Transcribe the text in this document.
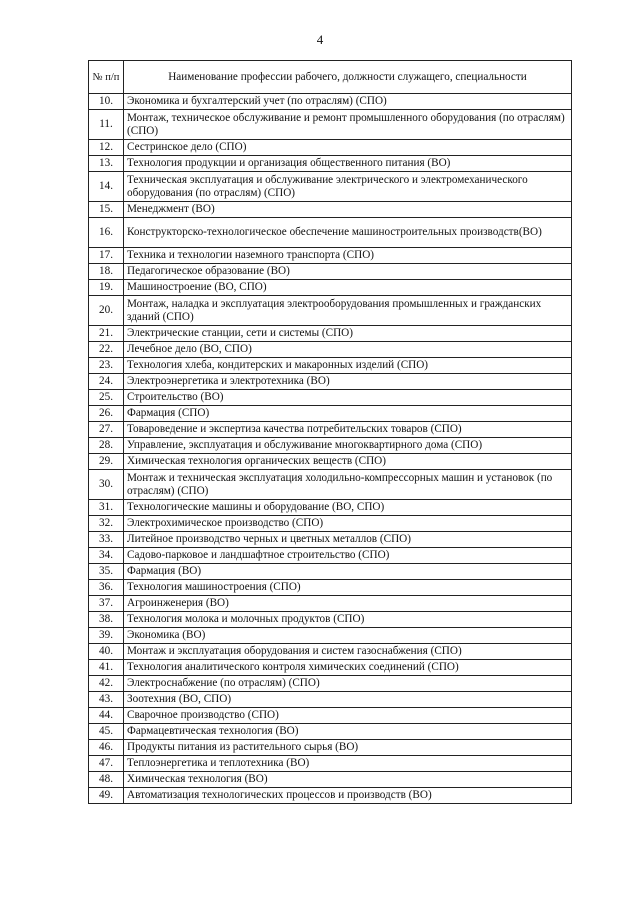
4
№ п/п	Наименование профессии рабочего, должности служащего, специальности
10.	Экономика и бухгалтерский учет (по отраслям) (СПО)
11.	Монтаж, техническое обслуживание и ремонт промышленного оборудования (по отраслям) (СПО)
12.	Сестринское дело (СПО)
13.	Технология продукции и организация общественного питания (ВО)
14.	Техническая эксплуатация и обслуживание электрического и электромеханического оборудования (по отраслям) (СПО)
15.	Менеджмент (ВО)
16.	Конструкторско-технологическое обеспечение машиностроительных производств(ВО)
17.	Техника и технологии наземного транспорта (СПО)
18.	Педагогическое образование (ВО)
19.	Машиностроение (ВО, СПО)
20.	Монтаж, наладка и эксплуатация электрооборудования промышленных и гражданских зданий (СПО)
21.	Электрические станции, сети и системы (СПО)
22.	Лечебное дело (ВО, СПО)
23.	Технология хлеба, кондитерских и макаронных изделий (СПО)
24.	Электроэнергетика и электротехника (ВО)
25.	Строительство (ВО)
26.	Фармация (СПО)
27.	Товароведение и экспертиза качества потребительских товаров (СПО)
28.	Управление, эксплуатация и обслуживание многоквартирного дома (СПО)
29.	Химическая технология органических веществ (СПО)
30.	Монтаж и техническая эксплуатация холодильно-компрессорных машин и установок (по отраслям) (СПО)
31.	Технологические машины и оборудование (ВО, СПО)
32.	Электрохимическое производство (СПО)
33.	Литейное производство черных и цветных металлов (СПО)
34.	Садово-парковое и ландшафтное строительство (СПО)
35.	Фармация (ВО)
36.	Технология машиностроения (СПО)
37.	Агроинженерия (ВО)
38.	Технология молока и молочных продуктов (СПО)
39.	Экономика (ВО)
40.	Монтаж и эксплуатация оборудования и систем газоснабжения (СПО)
41.	Технология аналитического контроля химических соединений (СПО)
42.	Электроснабжение (по отраслям) (СПО)
43.	Зоотехния (ВО, СПО)
44.	Сварочное производство (СПО)
45.	Фармацевтическая технология (ВО)
46.	Продукты питания из растительного сырья (ВО)
47.	Теплоэнергетика и теплотехника (ВО)
48.	Химическая технология (ВО)
49.	Автоматизация технологических процессов и производств (ВО)
